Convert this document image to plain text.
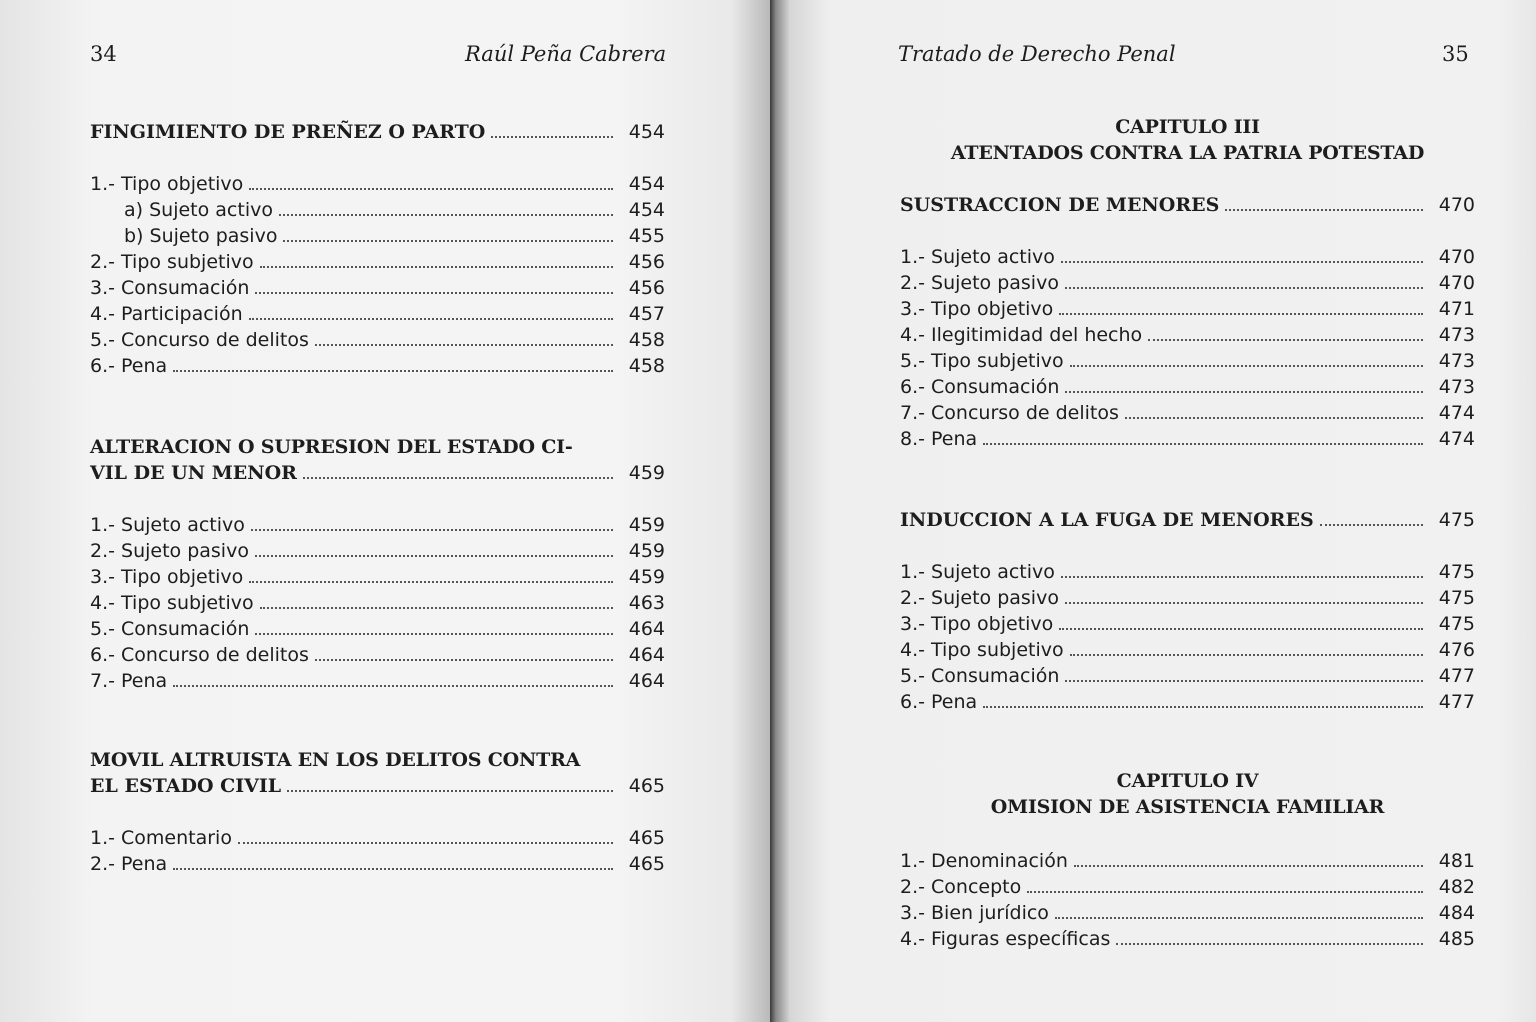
34	Raúl Peña Cabrera
FINGIMIENTO DE PREÑEZ O PARTO	454
1.- Tipo objetivo	454
a) Sujeto activo	454
b) Sujeto pasivo	455
2.- Tipo subjetivo	456
3.- Consumación	456
4.- Participación	457
5.- Concurso de delitos	458
6.- Pena	458
ALTERACION O SUPRESION DEL ESTADO CI-
VIL DE UN MENOR	459
1.- Sujeto activo	459
2.- Sujeto pasivo	459
3.- Tipo objetivo	459
4.- Tipo subjetivo	463
5.- Consumación	464
6.- Concurso de delitos	464
7.- Pena	464
MOVIL ALTRUISTA EN LOS DELITOS CONTRA
EL ESTADO CIVIL	465
1.- Comentario	465
2.- Pena	465
Tratado de Derecho Penal	35
CAPITULO III
ATENTADOS CONTRA LA PATRIA POTESTAD
SUSTRACCION DE MENORES	470
1.- Sujeto activo	470
2.- Sujeto pasivo	470
3.- Tipo objetivo	471
4.- Ilegitimidad del hecho	473
5.- Tipo subjetivo	473
6.- Consumación	473
7.- Concurso de delitos	474
8.- Pena	474
INDUCCION A LA FUGA DE MENORES	475
1.- Sujeto activo	475
2.- Sujeto pasivo	475
3.- Tipo objetivo	475
4.- Tipo subjetivo	476
5.- Consumación	477
6.- Pena	477
CAPITULO IV
OMISION DE ASISTENCIA FAMILIAR
1.- Denominación	481
2.- Concepto	482
3.- Bien jurídico	484
4.- Figuras específicas	485
